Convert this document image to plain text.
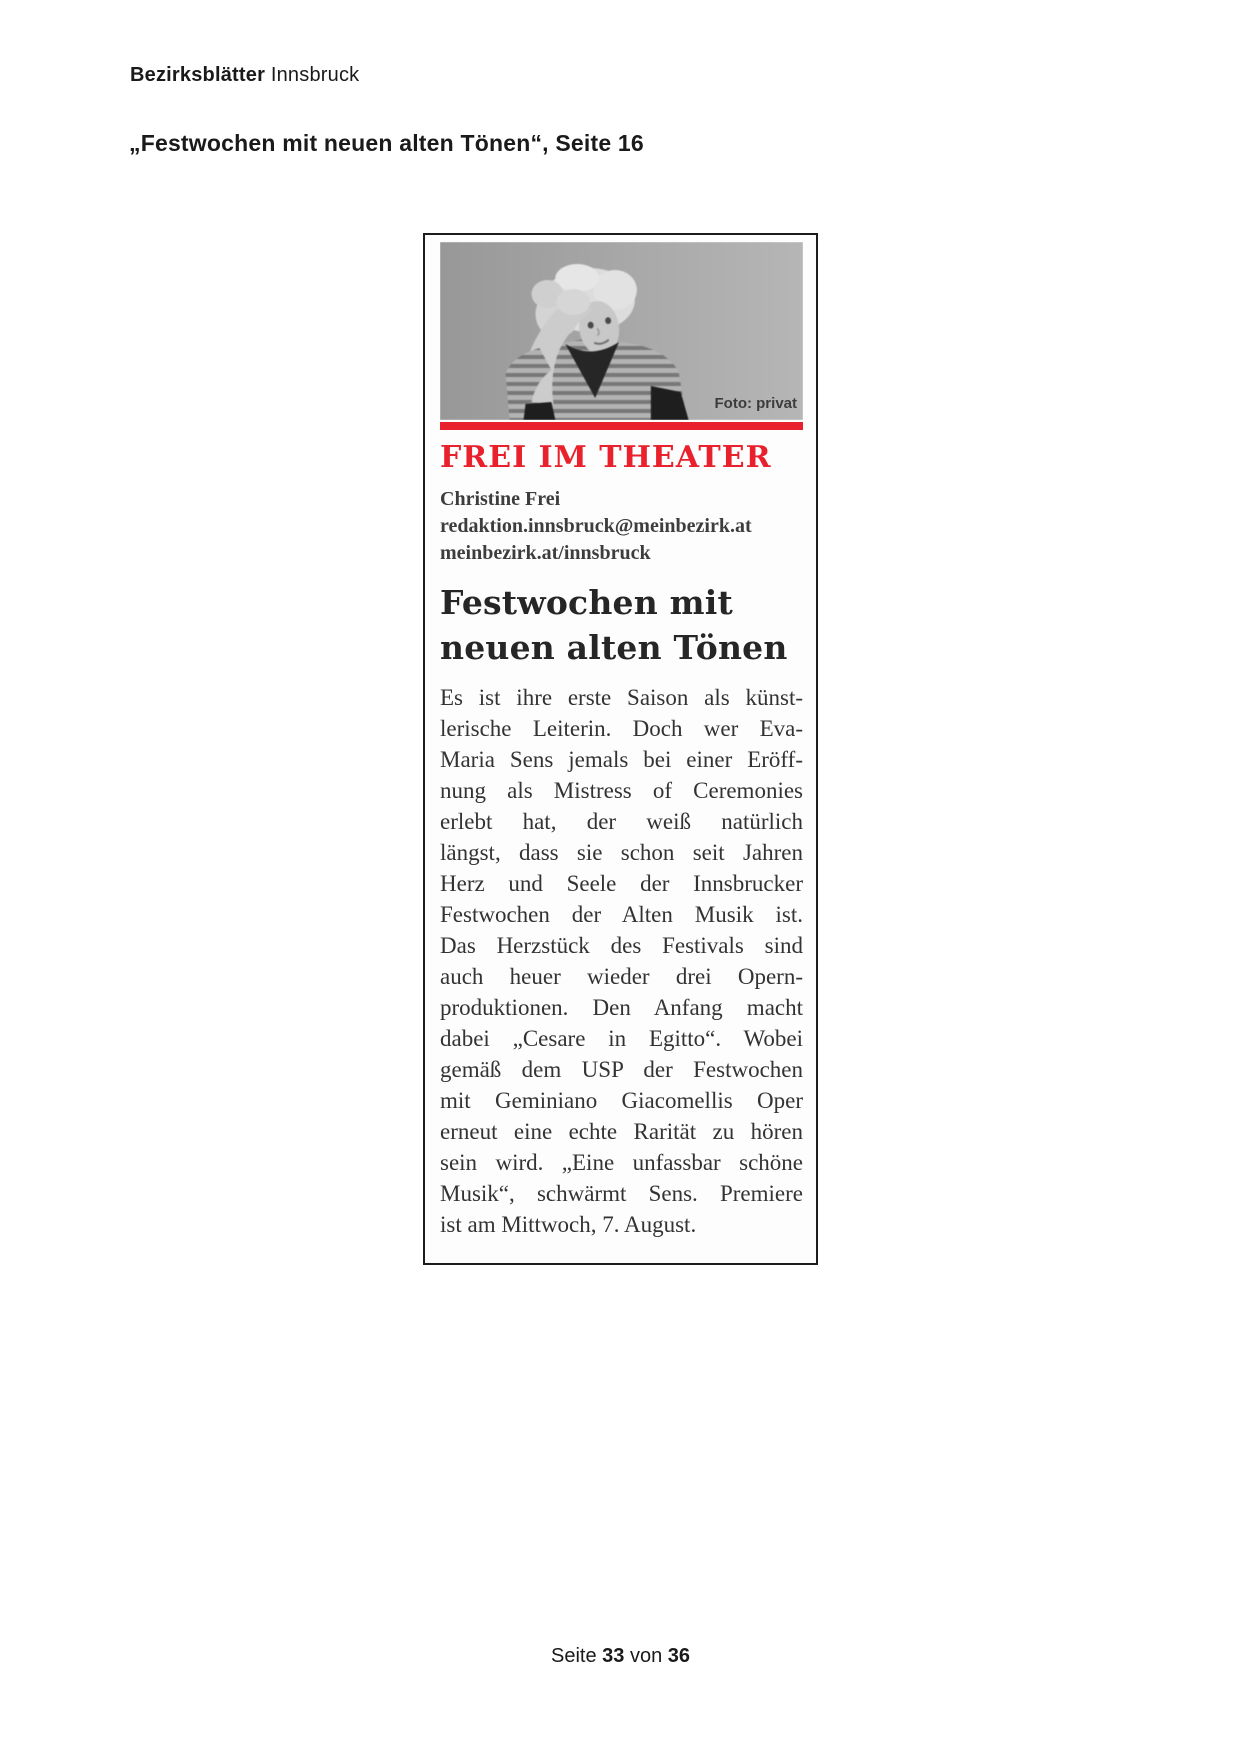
Bezirksblätter Innsbruck
„Festwochen mit neuen alten Tönen“, Seite 16
Foto: privat
FREI IM THEATER
Christine Frei
redaktion.innsbruck@meinbezirk.at
meinbezirk.at/innsbruck
Festwochen mit
neuen alten Tönen
Es ist ihre erste Saison als künst-
lerische Leiterin. Doch wer Eva-
Maria Sens jemals bei einer Eröff-
nung als Mistress of Ceremonies
erlebt hat, der weiß natürlich
längst, dass sie schon seit Jahren
Herz und Seele der Innsbrucker
Festwochen der Alten Musik ist.
Das Herzstück des Festivals sind
auch heuer wieder drei Opern-
produktionen. Den Anfang macht
dabei „Cesare in Egitto“. Wobei
gemäß dem USP der Festwochen
mit Geminiano Giacomellis Oper
erneut eine echte Rarität zu hören
sein wird. „Eine unfassbar schöne
Musik“, schwärmt Sens. Premiere
ist am Mittwoch, 7. August.
Seite 33 von 36
